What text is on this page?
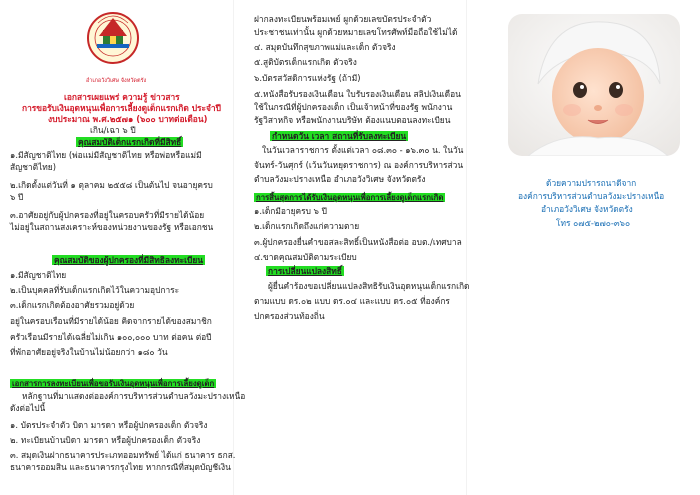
อำเภอวังวิเศษ จังหวัดตรัง
เอกสารเผยแพร่ ความรู้ ข่าวสาร
การขอรับเงินอุดหนุนเพื่อการเลี้ยงดูเด็กแรกเกิด ประจำปี
งบประมาณ พ.ศ.๒๕๗๑ (๖๐๐ บาทต่อเดือน)
เกิน/เฉา ๖ ปี
คุณสมบัติเด็กแรกเกิดที่มีสิทธิ์
๑.มีสัญชาติไทย (พ่อแม่มีสัญชาติไทย หรือพ่อหรือแม่มี
สัญชาติไทย)
๒.เกิดตั้งแต่วันที่ ๑ ตุลาคม ๒๕๕๘ เป็นต้นไป จนอายุครบ
๖ ปี
๓.อาศัยอยู่กับผู้ปกครองที่อยู่ในครอบครัวที่มีรายได้น้อย
ไม่อยู่ในสถานสงเคราะห์ของหน่วยงานของรัฐ หรือเอกชน
คุณสมบัติของผู้ปกครองที่มีสิทธิลงทะเบียน
๑.มีสัญชาติไทย
๒.เป็นบุคคลที่รับเด็กแรกเกิดไว้ในความอุปการะ
๓.เด็กแรกเกิดต้องอาศัยรวมอยู่ด้วย
อยู่ในครอบเรือนที่มีรายได้น้อย คิดจากรายได้ของสมาชิก
ครัวเรือนมีรายได้เฉลี่ยไม่เกิน ๑๐๐,๐๐๐ บาท ต่อคน ต่อปี
ที่พักอาศัยอยู่จริงในบ้านไม่น้อยกว่า ๑๘๐ วัน
เอกสารการลงทะเบียนเพื่อขอรับเงินอุดหนุนเพื่อการเลี้ยงดูเด็ก
หลักฐานที่มาแสดงต่อองค์การบริหารส่วนตำบลวังมะปรางเหนือ
ดังต่อไปนี้
๑. บัตรประจำตัว บิดา มารดา หรือผู้ปกครองเด็ก ตัวจริง
๒. ทะเบียนบ้านบิดา มารดา หรือผู้ปกครองเด็ก ตัวจริง
๓. สมุดเงินฝากธนาคารประเภทออมทรัพย์ ได้แก่ ธนาคาร ธกส.
ธนาคารออมสิน และธนาคารกรุงไทย หากกรณีที่สมุดบัญชีเงิน
ฝากลงทะเบียนพร้อมเพย์ ผูกด้วยเลขบัตรประจำตัว
ประชาชนเท่านั้น ผูกด้วยหมายเลขโทรศัพท์มือถือใช้ไม่ได้
๔. สมุดบันทึกสุขภาพแม่และเด็ก ตัวจริง
๕.สูติบัตรเด็กแรกเกิด ตัวจริง
๖.บัตรสวัสดิการแห่งรัฐ (ถ้ามี)
๕.หนังสือรับรองเงินเดือน ใบรับรองเงินเดือน สลิปเงินเดือน
ใช้ในกรณีที่ผู้ปกครองเด็ก เป็นเจ้าหน้าที่ของรัฐ พนักงาน
รัฐวิสาหกิจ หรือพนักงานบริษัท ต้องแนบตอนลงทะเบียน
กำหนดวัน เวลา สถานที่รับลงทะเบียน
ในวันเวลาราชการ ตั้งแต่เวลา ๐๘.๓๐ - ๑๖.๓๐ น. ในวัน
จันทร์-วันศุกร์ (เว้นวันหยุดราชการ) ณ องค์การบริหารส่วน
ตำบลวังมะปรางเหนือ อำเภอวังวิเศษ จังหวัดตรัง
การสิ้นสุดการได้รับเงินอุดหนุนเพื่อการเลี้ยงดูเด็กแรกเกิด
๑.เด็กมีอายุครบ ๖ ปี
๒.เด็กแรกเกิดถึงแก่ความตาย
๓.ผู้ปกครองยื่นคำขอสละสิทธิ์เป็นหนังสือต่อ อบต./เทศบาล
๔.ขาดคุณสมบัติตามระเบียบ
การเปลี่ยนแปลงสิทธิ์
ผู้ยื่นคำร้องขอเปลี่ยนแปลงสิทธิรับเงินอุดหนุนเด็กแรกเกิด
ตามแบบ ดร.๐๒ แบบ ดร.๐๔ และแบบ ดร.๐๕ ที่องค์กร
ปกครองส่วนท้องถิ่น
ด้วยความปรารถนาดีจาก
องค์การบริหารส่วนตำบลวังมะปรางเหนือ
อำเภอวังวิเศษ จังหวัดตรัง
โทร ๐๗๕-๒๗๐-๓๖๐
